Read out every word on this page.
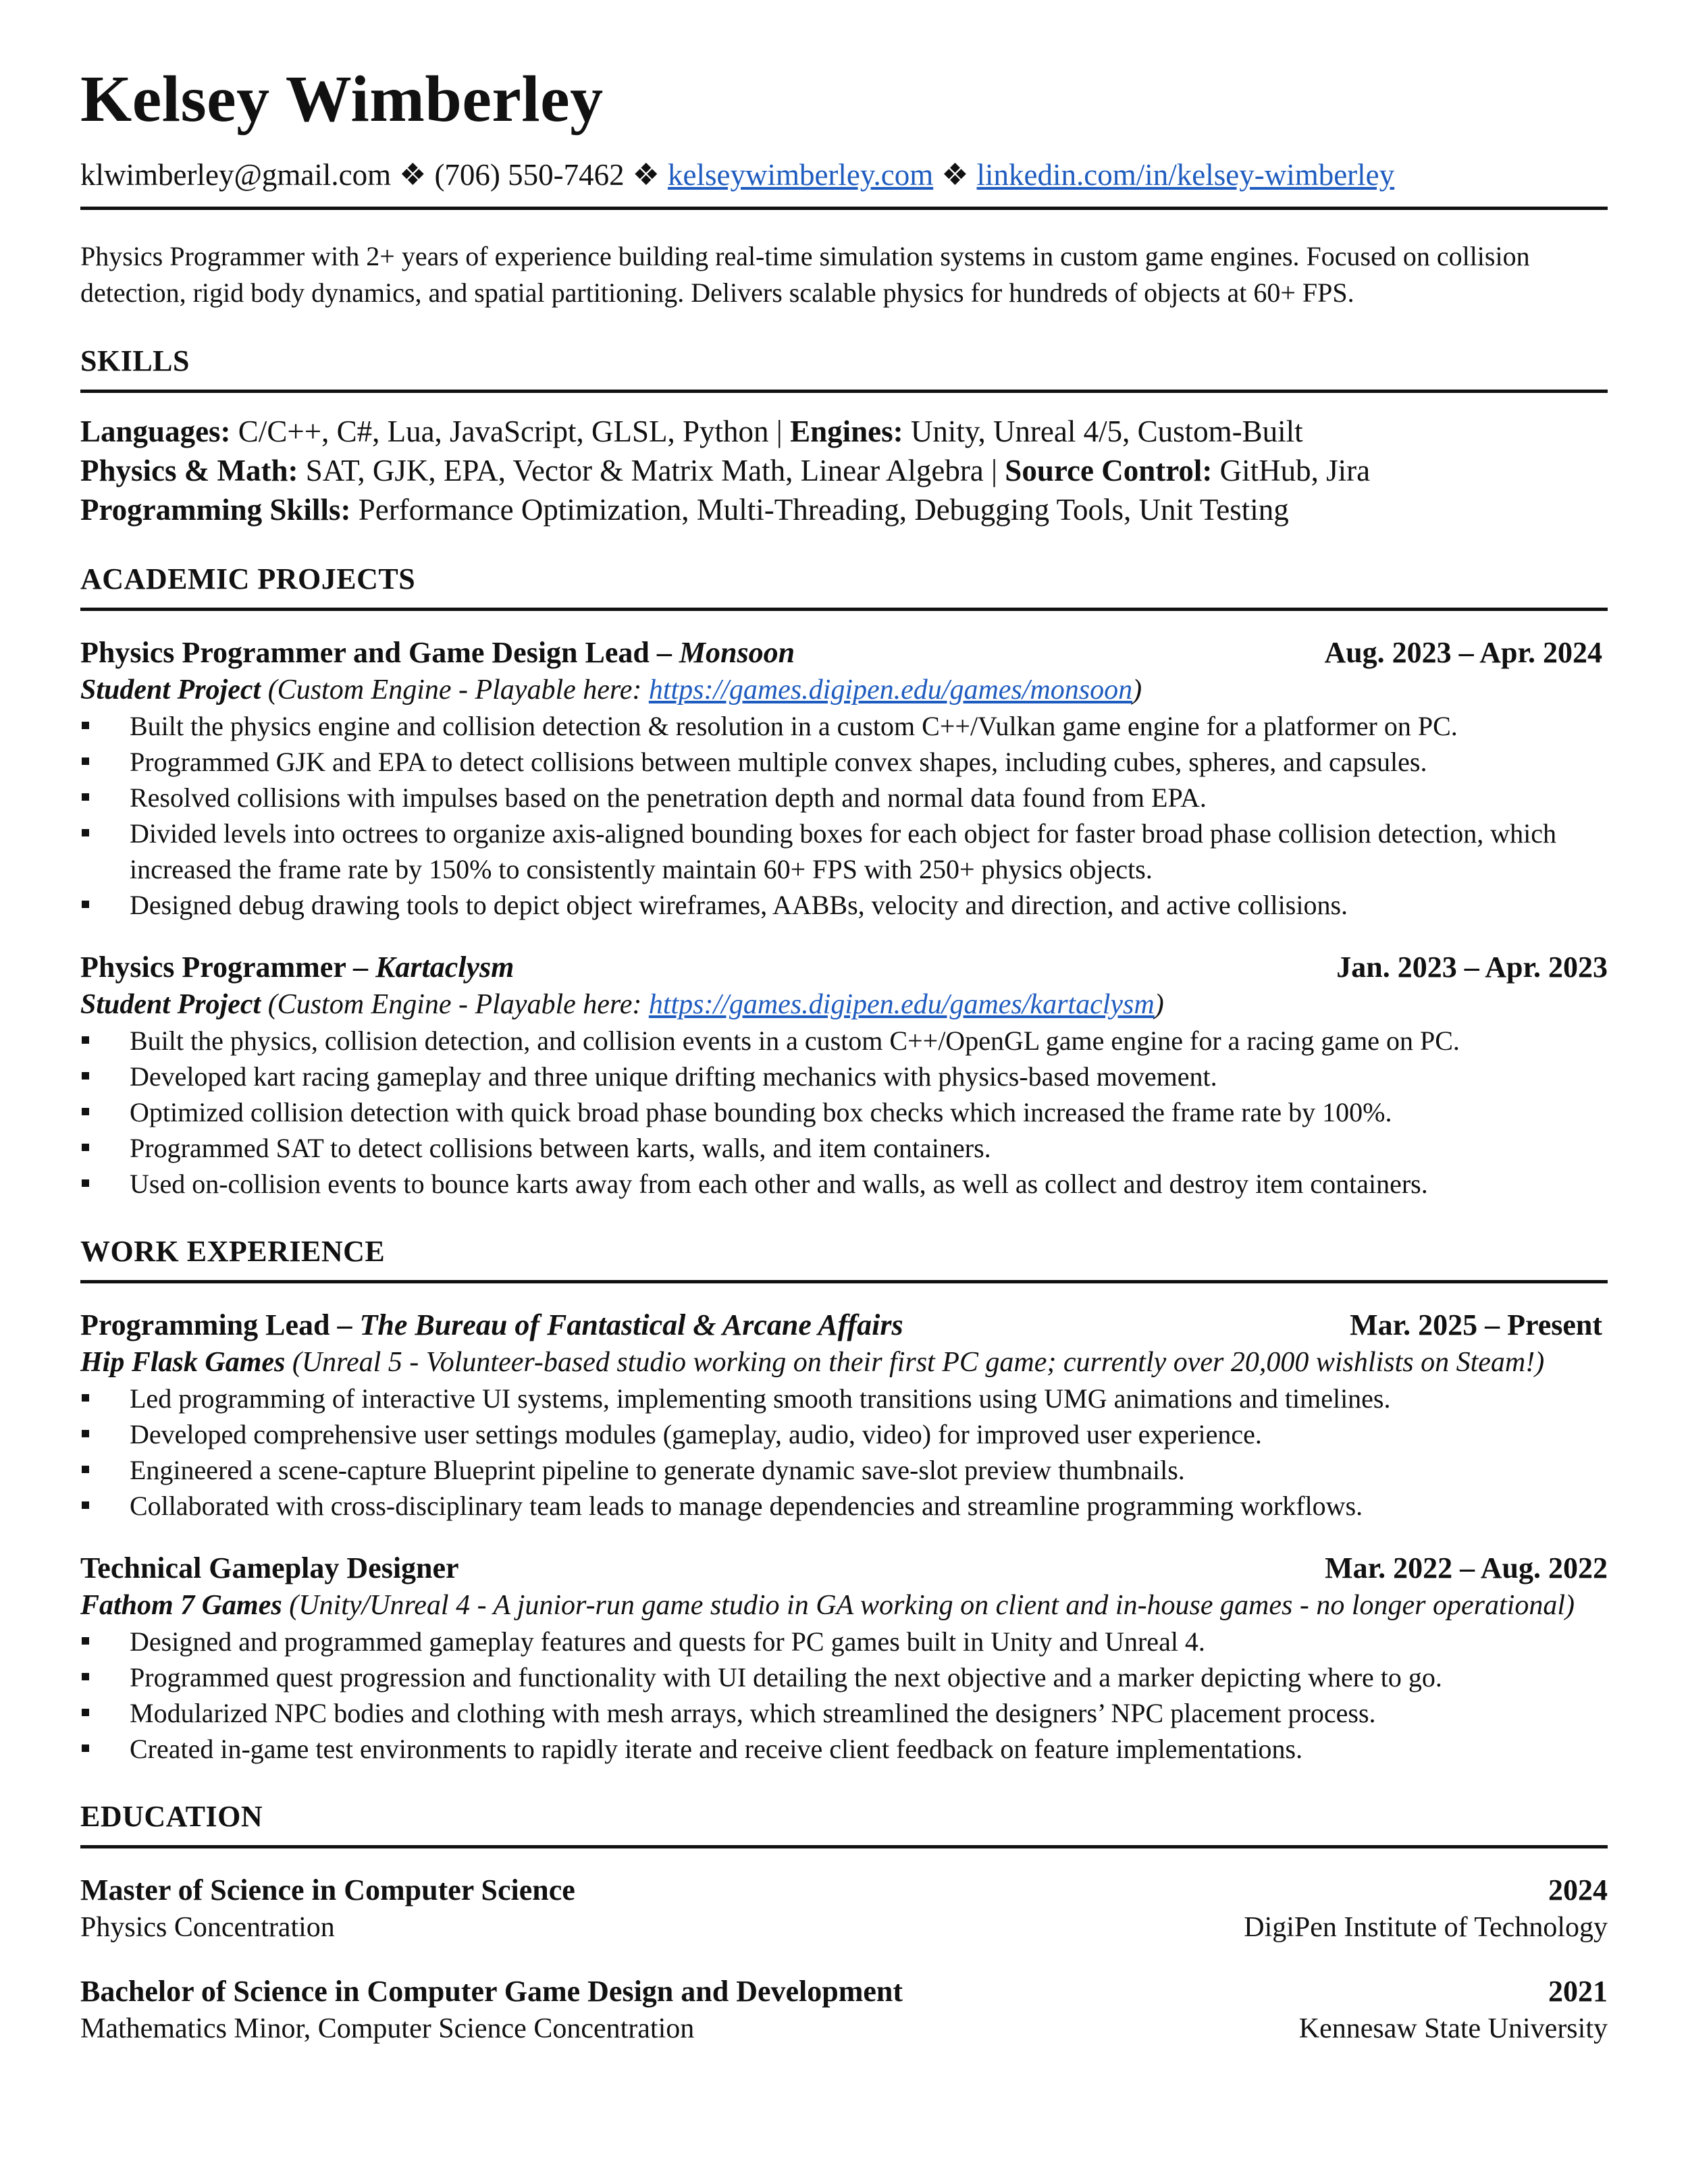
Kelsey Wimberley
klwimberley@gmail.com ❖ (706) 550-7462 ❖ kelseywimberley.com ❖ linkedin.com/in/kelsey-wimberley
Physics Programmer with 2+ years of experience building real-time simulation systems in custom game engines. Focused on collision detection, rigid body dynamics, and spatial partitioning. Delivers scalable physics for hundreds of objects at 60+ FPS.
SKILLS
Languages: C/C++, C#, Lua, JavaScript, GLSL, Python | Engines: Unity, Unreal 4/5, Custom-Built
Physics & Math: SAT, GJK, EPA, Vector & Matrix Math, Linear Algebra | Source Control: GitHub, Jira
Programming Skills: Performance Optimization, Multi-Threading, Debugging Tools, Unit Testing
ACADEMIC PROJECTS
Physics Programmer and Game Design Lead – Monsoon	Aug. 2023 – Apr. 2024
Student Project (Custom Engine - Playable here: https://games.digipen.edu/games/monsoon)
Built the physics engine and collision detection & resolution in a custom C++/Vulkan game engine for a platformer on PC.
Programmed GJK and EPA to detect collisions between multiple convex shapes, including cubes, spheres, and capsules.
Resolved collisions with impulses based on the penetration depth and normal data found from EPA.
Divided levels into octrees to organize axis-aligned bounding boxes for each object for faster broad phase collision detection, which increased the frame rate by 150% to consistently maintain 60+ FPS with 250+ physics objects.
Designed debug drawing tools to depict object wireframes, AABBs, velocity and direction, and active collisions.
Physics Programmer – Kartaclysm	Jan. 2023 – Apr. 2023
Student Project (Custom Engine - Playable here: https://games.digipen.edu/games/kartaclysm)
Built the physics, collision detection, and collision events in a custom C++/OpenGL game engine for a racing game on PC.
Developed kart racing gameplay and three unique drifting mechanics with physics-based movement.
Optimized collision detection with quick broad phase bounding box checks which increased the frame rate by 100%.
Programmed SAT to detect collisions between karts, walls, and item containers.
Used on-collision events to bounce karts away from each other and walls, as well as collect and destroy item containers.
WORK EXPERIENCE
Programming Lead – The Bureau of Fantastical & Arcane Affairs	Mar. 2025 – Present
Hip Flask Games (Unreal 5 - Volunteer-based studio working on their first PC game; currently over 20,000 wishlists on Steam!)
Led programming of interactive UI systems, implementing smooth transitions using UMG animations and timelines.
Developed comprehensive user settings modules (gameplay, audio, video) for improved user experience.
Engineered a scene-capture Blueprint pipeline to generate dynamic save-slot preview thumbnails.
Collaborated with cross-disciplinary team leads to manage dependencies and streamline programming workflows.
Technical Gameplay Designer	Mar. 2022 – Aug. 2022
Fathom 7 Games (Unity/Unreal 4 - A junior-run game studio in GA working on client and in-house games - no longer operational)
Designed and programmed gameplay features and quests for PC games built in Unity and Unreal 4.
Programmed quest progression and functionality with UI detailing the next objective and a marker depicting where to go.
Modularized NPC bodies and clothing with mesh arrays, which streamlined the designers’ NPC placement process.
Created in-game test environments to rapidly iterate and receive client feedback on feature implementations.
EDUCATION
Master of Science in Computer Science	2024
Physics Concentration	DigiPen Institute of Technology
Bachelor of Science in Computer Game Design and Development	2021
Mathematics Minor, Computer Science Concentration	Kennesaw State University
